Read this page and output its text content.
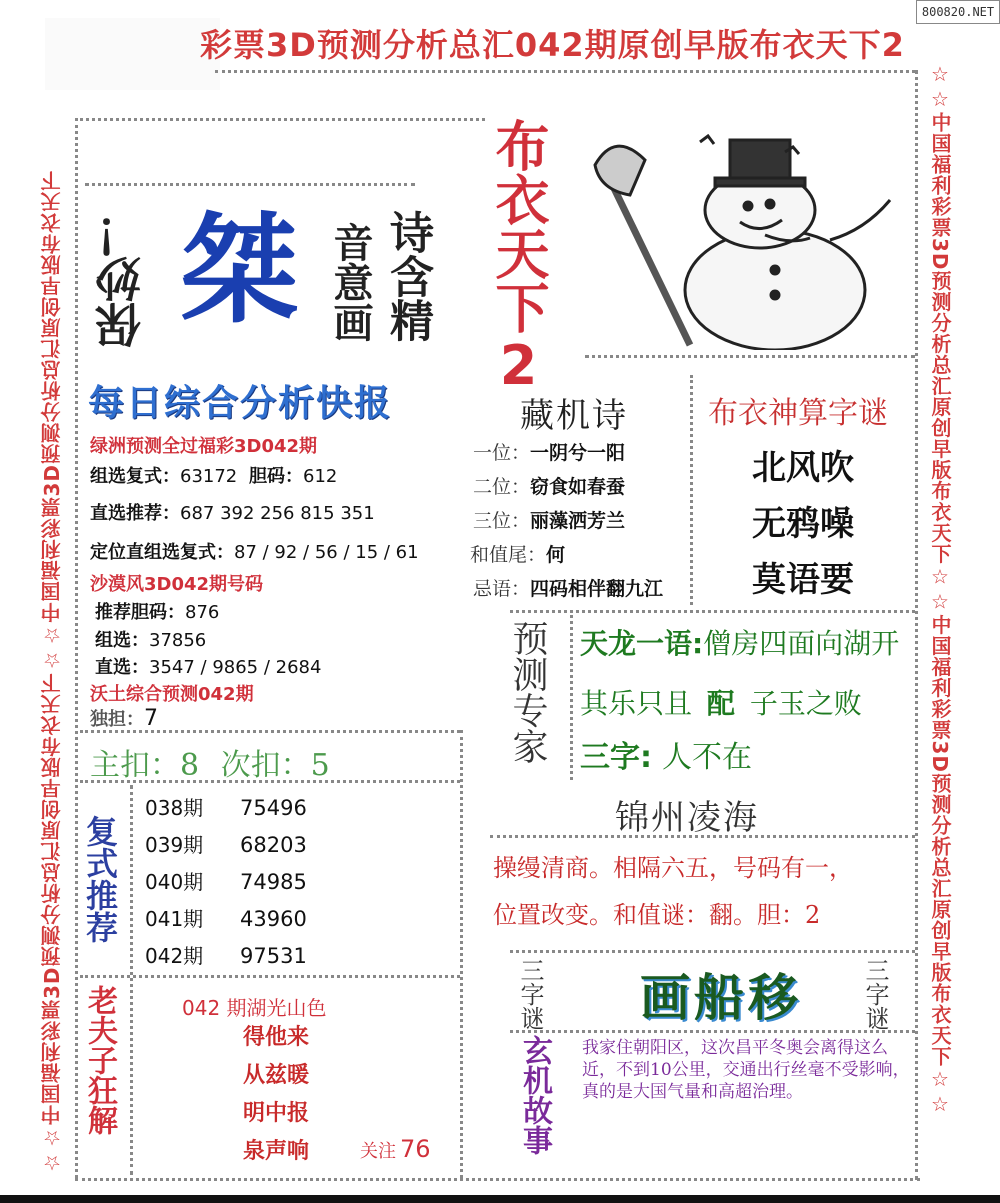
800820.NET
彩票3D预测分析总汇042期原创早版布衣天下2
☆☆中国福利彩票3D预测分析总汇原创早版布衣天下☆☆中国福利彩票3D预测分析总汇原创早版布衣天下	☆☆中国福利彩票3D预测分析总汇原创早版布衣天下☆☆中国福利彩票3D预测分析总汇原创早版布衣天下☆☆
保妙！ 桀 诗含精
音意画
每日综合分析快报
布衣天下2
绿洲预测全过福彩3D042期
组选复式：63172 胆码：612
直选推荐：687 392 256 815 351
定位直组选复式：87 / 92 / 56 / 15 / 61
沙漠风3D042期号码
推荐胆码：876
组选：37856
直选：3547 / 9865 / 2684
沃土综合预测042期
独担：7
主扣：8 次扣：5
复式推荐
038期 75496
039期 68203
040期 74985
041期 43960
042期 97531
老夫子狂解	042 期湖光山色
得他来
从兹暖
明中报
泉声响	关注 76
藏机诗
一位：一阴兮一阳
二位：窃食如春蚕
三位：丽藻洒芳兰
和值尾：何
忌语：四码相伴翻九江
布衣神算字谜
北风吹
无鸦噪
莫语要
预测专家 天龙一语:僧房四面向湖开
其乐只且 配 子玉之败
三字: 人不在
锦州凌海
操缦清商。相隔六五，号码有一，
位置改变。和值谜：翻。胆：2
三字谜	三字谜
画船移
玄机故事 我家住朝阳区，这次昌平冬奥会离得这么近，不到10公里，交通出行丝毫不受影响，真的是大国气量和高超治理。
